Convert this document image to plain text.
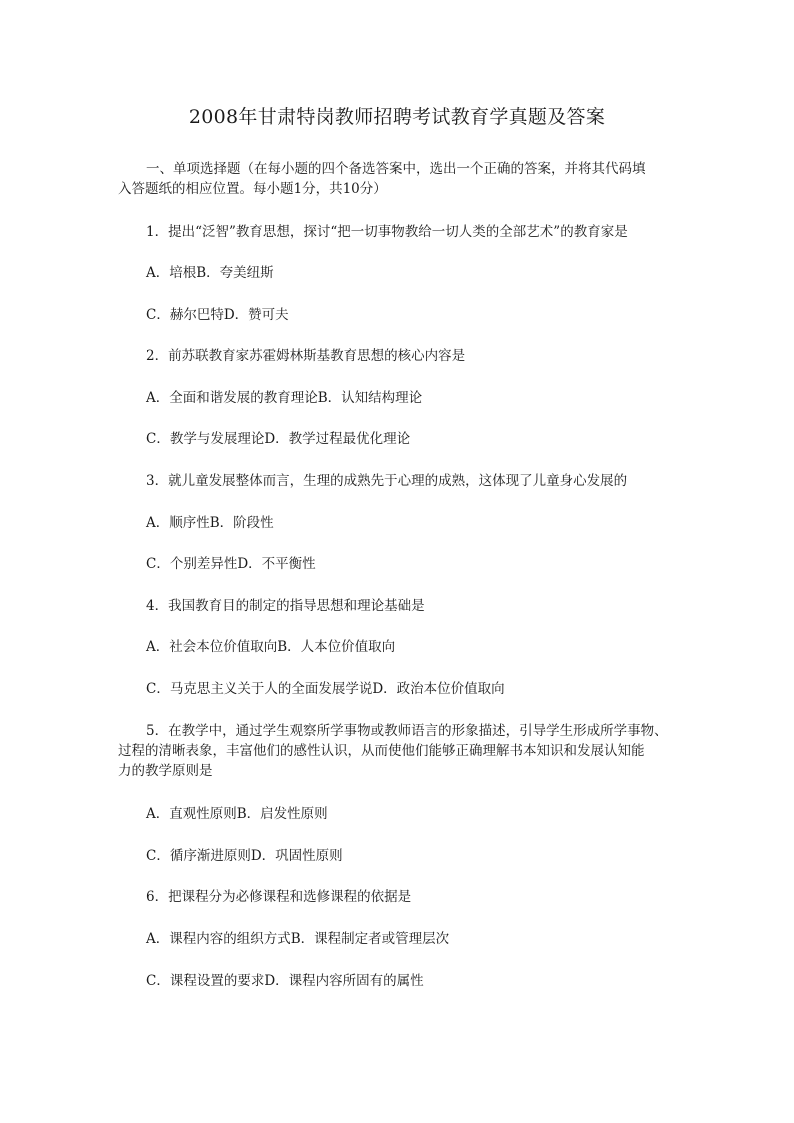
2008年甘肃特岗教师招聘考试教育学真题及答案
一、单项选择题（在每小题的四个备选答案中，选出一个正确的答案，并将其代码填
入答题纸的相应位置。每小题1分，共10分）
1．提出“泛智”教育思想，探讨“把一切事物教给一切人类的全部艺术”的教育家是
A．培根B．夸美纽斯
C．赫尔巴特D．赞可夫
2．前苏联教育家苏霍姆林斯基教育思想的核心内容是
A．全面和谐发展的教育理论B．认知结构理论
C．教学与发展理论D．教学过程最优化理论
3．就儿童发展整体而言，生理的成熟先于心理的成熟，这体现了儿童身心发展的
A．顺序性B．阶段性
C．个别差异性D．不平衡性
4．我国教育目的制定的指导思想和理论基础是
A．社会本位价值取向B．人本位价值取向
C．马克思主义关于人的全面发展学说D．政治本位价值取向
5．在教学中，通过学生观察所学事物或教师语言的形象描述，引导学生形成所学事物、
过程的清晰表象，丰富他们的感性认识，从而使他们能够正确理解书本知识和发展认知能
力的教学原则是
A．直观性原则B．启发性原则
C．循序渐进原则D．巩固性原则
6．把课程分为必修课程和选修课程的依据是
A．课程内容的组织方式B．课程制定者或管理层次
C．课程设置的要求D．课程内容所固有的属性
